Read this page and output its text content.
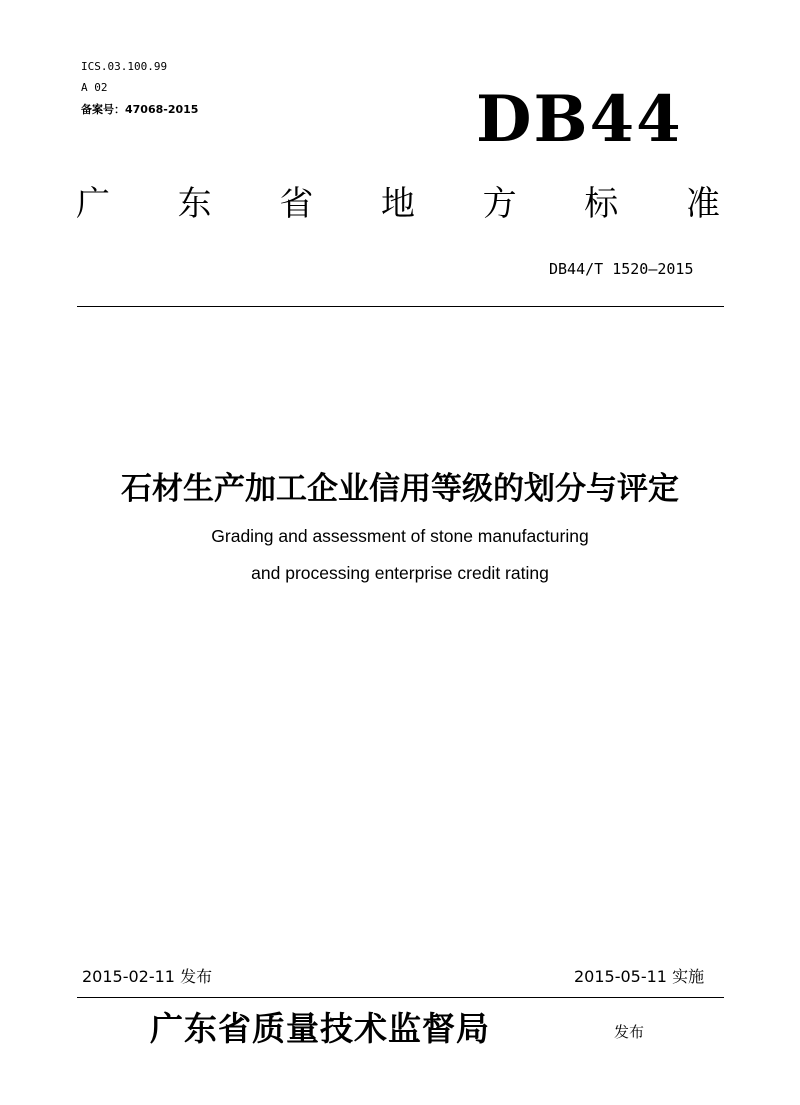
ICS.03.100.99
A 02
备案号：47068-2015	DB44
广 东 省 地 方 标 准
DB44/T 1520—2015
石材生产加工企业信用等级的划分与评定
Grading and assessment of stone manufacturing
and processing enterprise credit rating
2015-02-11 发布	2015-05-11 实施
广东省质量技术监督局	发布
